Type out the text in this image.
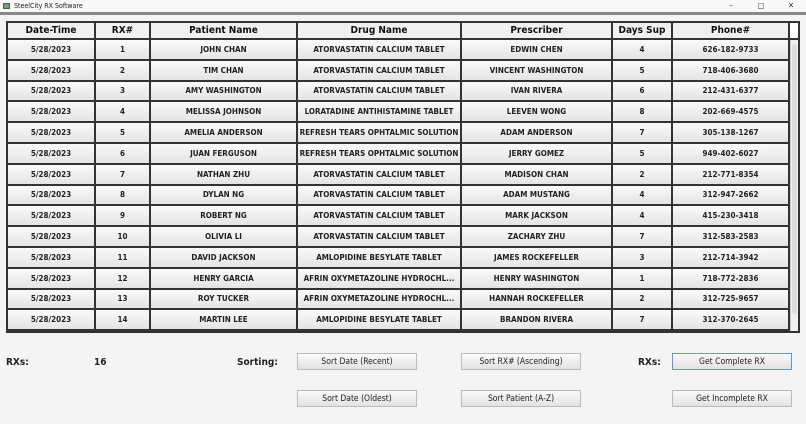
SteelCity RX Software	–	□	✕
Date-Time	RX#	Patient Name	Drug Name	Prescriber	Days Sup	Phone#
5/28/2023	1	JOHN CHAN	ATORVASTATIN CALCIUM TABLET	EDWIN CHEN	4	626-182-9733
5/28/2023	2	TIM CHAN	ATORVASTATIN CALCIUM TABLET	VINCENT WASHINGTON	5	718-406-3680
5/28/2023	3	AMY WASHINGTON	ATORVASTATIN CALCIUM TABLET	IVAN RIVERA	6	212-431-6377
5/28/2023	4	MELISSA JOHNSON	LORATADINE ANTIHISTAMINE TABLET	LEEVEN WONG	8	202-669-4575
5/28/2023	5	AMELIA ANDERSON	REFRESH TEARS OPHTALMIC SOLUTION	ADAM ANDERSON	7	305-138-1267
5/28/2023	6	JUAN FERGUSON	REFRESH TEARS OPHTALMIC SOLUTION	JERRY GOMEZ	5	949-402-6027
5/28/2023	7	NATHAN ZHU	ATORVASTATIN CALCIUM TABLET	MADISON CHAN	2	212-771-8354
5/28/2023	8	DYLAN NG	ATORVASTATIN CALCIUM TABLET	ADAM MUSTANG	4	312-947-2662
5/28/2023	9	ROBERT NG	ATORVASTATIN CALCIUM TABLET	MARK JACKSON	4	415-230-3418
5/28/2023	10	OLIVIA LI	ATORVASTATIN CALCIUM TABLET	ZACHARY ZHU	7	312-583-2583
5/28/2023	11	DAVID JACKSON	AMLOPIDINE BESYLATE TABLET	JAMES ROCKEFELLER	3	212-714-3942
5/28/2023	12	HENRY GARCIA	AFRIN OXYMETAZOLINE HYDROCHL...	HENRY WASHINGTON	1	718-772-2836
5/28/2023	13	ROY TUCKER	AFRIN OXYMETAZOLINE HYDROCHL...	HANNAH ROCKEFELLER	2	312-725-9657
5/28/2023	14	MARTIN LEE	AMLOPIDINE BESYLATE TABLET	BRANDON RIVERA	7	312-370-2645
RXs:	16	Sorting:	RXs:
Sort Date (Recent)
Sort Date (Oldest)
Sort RX# (Ascending)
Sort Patient (A-Z)
Get Complete RX
Get Incomplete RX
